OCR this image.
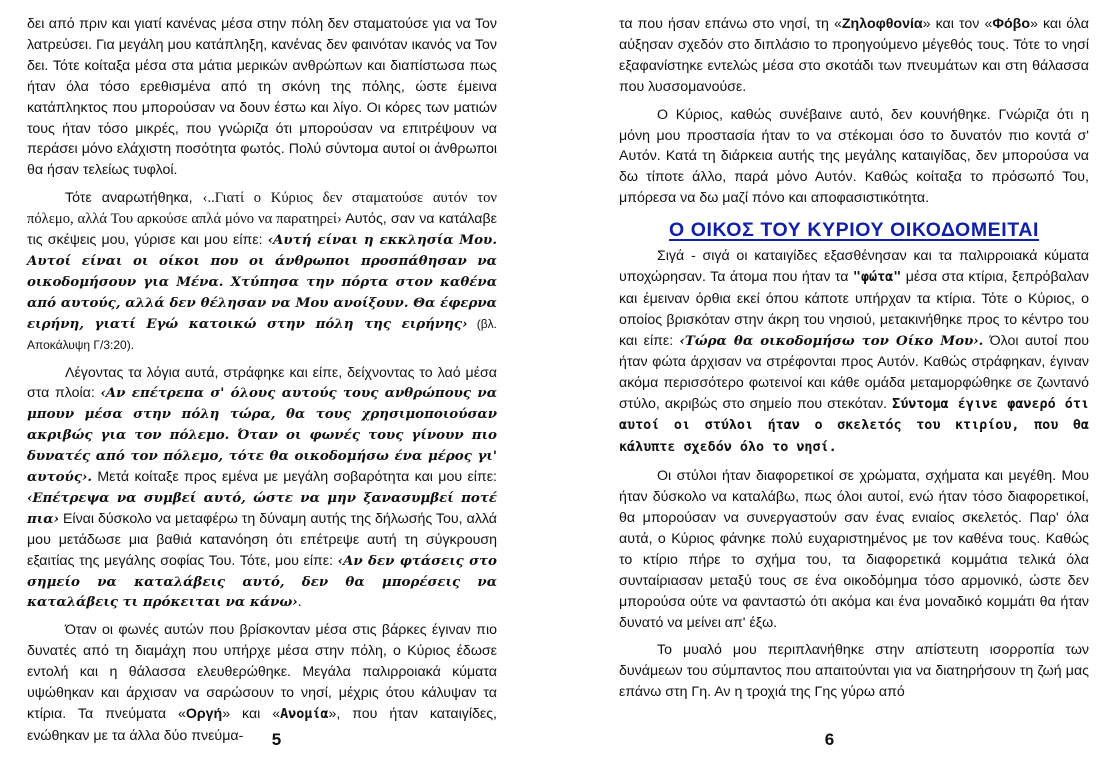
δει από πριν και γιατί κανένας μέσα στην πόλη δεν σταματούσε για να Τον λατρεύσει. Για μεγάλη μου κατάπληξη, κανένας δεν φαινόταν ικανός να Τον δει. Τότε κοίταξα μέσα στα μάτια μερικών ανθρώπων και διαπίστωσα πως ήταν όλα τόσο ερεθισμένα από τη σκόνη της πόλης, ώστε έμεινα κατάπληκτος που μπορούσαν να δουν έστω και λίγο. Οι κόρες των ματιών τους ήταν τόσο μικρές, που γνώριζα ότι μπορούσαν να επιτρέψουν να περάσει μόνο ελάχιστη ποσότητα φωτός. Πολύ σύντομα αυτοί οι άνθρωποι θα ήσαν τελείως τυφλοί.

Τότε αναρωτήθηκα, ‹..Γιατί ο Κύριος δεν σταματούσε αυτόν τον πόλεμο, αλλά Του αρκούσε απλά μόνο να παρατηρεί› Αυτός, σαν να κατάλαβε τις σκέψεις μου, γύρισε και μου είπε: ‹Αυτή είναι η εκκλησία Μου. Αυτοί είναι οι οίκοι που οι άνθρωποι προσπάθησαν να οικοδομήσουν για Μένα. Χτύπησα την πόρτα στον καθένα από αυτούς, αλλά δεν θέλησαν να Μου ανοίξουν. Θα έφερνα ειρήνη, γιατί Εγώ κατοικώ στην πόλη της ειρήνης› (βλ. Αποκάλυψη Γ/3:20).

Λέγοντας τα λόγια αυτά, στράφηκε και είπε, δείχνοντας το λαό μέσα στα πλοία: ‹Αν επέτρεπα σ' όλους αυτούς τους ανθρώπους να μπουν μέσα στην πόλη τώρα, θα τους χρησιμοποιούσαν ακριβώς για τον πόλεμο. Όταν οι φωνές τους γίνουν πιο δυνατές από τον πόλεμο, τότε θα οικοδομήσω ένα μέρος γι' αυτούς›. Μετά κοίταξε προς εμένα με μεγάλη σοβαρότητα και μου είπε: ‹Επέτρεψα να συμβεί αυτό, ώστε να μην ξανασυμβεί ποτέ πια› Είναι δύσκολο να μεταφέρω τη δύναμη αυτής της δήλωσής Του, αλλά μου μετάδωσε μια βαθιά κατανόηση ότι επέτρεψε αυτή τη σύγκρουση εξαιτίας της μεγάλης σοφίας Του. Τότε, μου είπε: ‹Αν δεν φτάσεις στο σημείο να καταλάβεις αυτό, δεν θα μπορέσεις να καταλάβεις τι πρόκειται να κάνω›.

Όταν οι φωνές αυτών που βρίσκονταν μέσα στις βάρκες έγιναν πιο δυνατές από τη διαμάχη που υπήρχε μέσα στην πόλη, ο Κύριος έδωσε εντολή και η θάλασσα ελευθερώθηκε. Μεγάλα παλιρροιακά κύματα υψώθηκαν και άρχισαν να σαρώσουν το νησί, μέχρις ότου κάλυψαν τα κτίρια. Τα πνεύματα «Οργή» και «Ανομία», που ήταν καταιγίδες, ενώθηκαν με τα άλλα δύο πνεύμα-	5

τα που ήσαν επάνω στο νησί, τη «Ζηλοφθονία» και τον «Φόβο» και όλα αύξησαν σχεδόν στο διπλάσιο το προηγούμενο μέγεθός τους. Τότε το νησί εξαφανίστηκε εντελώς μέσα στο σκοτάδι των πνευμάτων και στη θάλασσα που λυσσομανούσε.

Ο Κύριος, καθώς συνέβαινε αυτό, δεν κουνήθηκε. Γνώριζα ότι η μόνη μου προστασία ήταν το να στέκομαι όσο το δυνατόν πιο κοντά σ' Αυτόν. Κατά τη διάρκεια αυτής της μεγάλης καταιγίδας, δεν μπορούσα να δω τίποτε άλλο, παρά μόνο Αυτόν. Καθώς κοίταξα το πρόσωπό Του, μπόρεσα να δω μαζί πόνο και αποφασιστικότητα.

Ο ΟΙΚΟΣ ΤΟΥ ΚΥΡΙΟΥ ΟΙΚΟΔΟΜΕΙΤΑΙ

Σιγά - σιγά οι καταιγίδες εξασθένησαν και τα παλιρροιακά κύματα υποχώρησαν. Τα άτομα που ήταν τα "φώτα" μέσα στα κτίρια, ξεπρόβαλαν και έμειναν όρθια εκεί όπου κάποτε υπήρχαν τα κτίρια. Τότε ο Κύριος, ο οποίος βρισκόταν στην άκρη του νησιού, μετακινήθηκε προς το κέντρο του και είπε: ‹Τώρα θα οικοδομήσω τον Οίκο Μου›. Όλοι αυτοί που ήταν φώτα άρχισαν να στρέφονται προς Αυτόν. Καθώς στράφηκαν, έγιναν ακόμα περισσότερο φωτεινοί και κάθε ομάδα μεταμορφώθηκε σε ζωντανό στύλο, ακριβώς στο σημείο που στεκόταν. Σύντομα έγινε φανερό ότι αυτοί οι στύλοι ήταν ο σκελετός του κτιρίου, που θα κάλυπτε σχεδόν όλο το νησί.

Οι στύλοι ήταν διαφορετικοί σε χρώματα, σχήματα και μεγέθη. Μου ήταν δύσκολο να καταλάβω, πως όλοι αυτοί, ενώ ήταν τόσο διαφορετικοί, θα μπορούσαν να συνεργαστούν σαν ένας ενιαίος σκελετός. Παρ' όλα αυτά, ο Κύριος φάνηκε πολύ ευχαριστημένος με τον καθένα τους. Καθώς το κτίριο πήρε το σχήμα του, τα διαφορετικά κομμάτια τελικά όλα συνταίριασαν μεταξύ τους σε ένα οικοδόμημα τόσο αρμονικό, ώστε δεν μπορούσα ούτε να φανταστώ ότι ακόμα και ένα μοναδικό κομμάτι θα ήταν δυνατό να μείνει απ' έξω.

Το μυαλό μου περιπλανήθηκε στην απίστευτη ισορροπία των δυνάμεων του σύμπαντος που απαιτούνται για να διατηρήσουν τη ζωή μας επάνω στη Γη. Αν η τροχιά της Γης γύρω από

6
